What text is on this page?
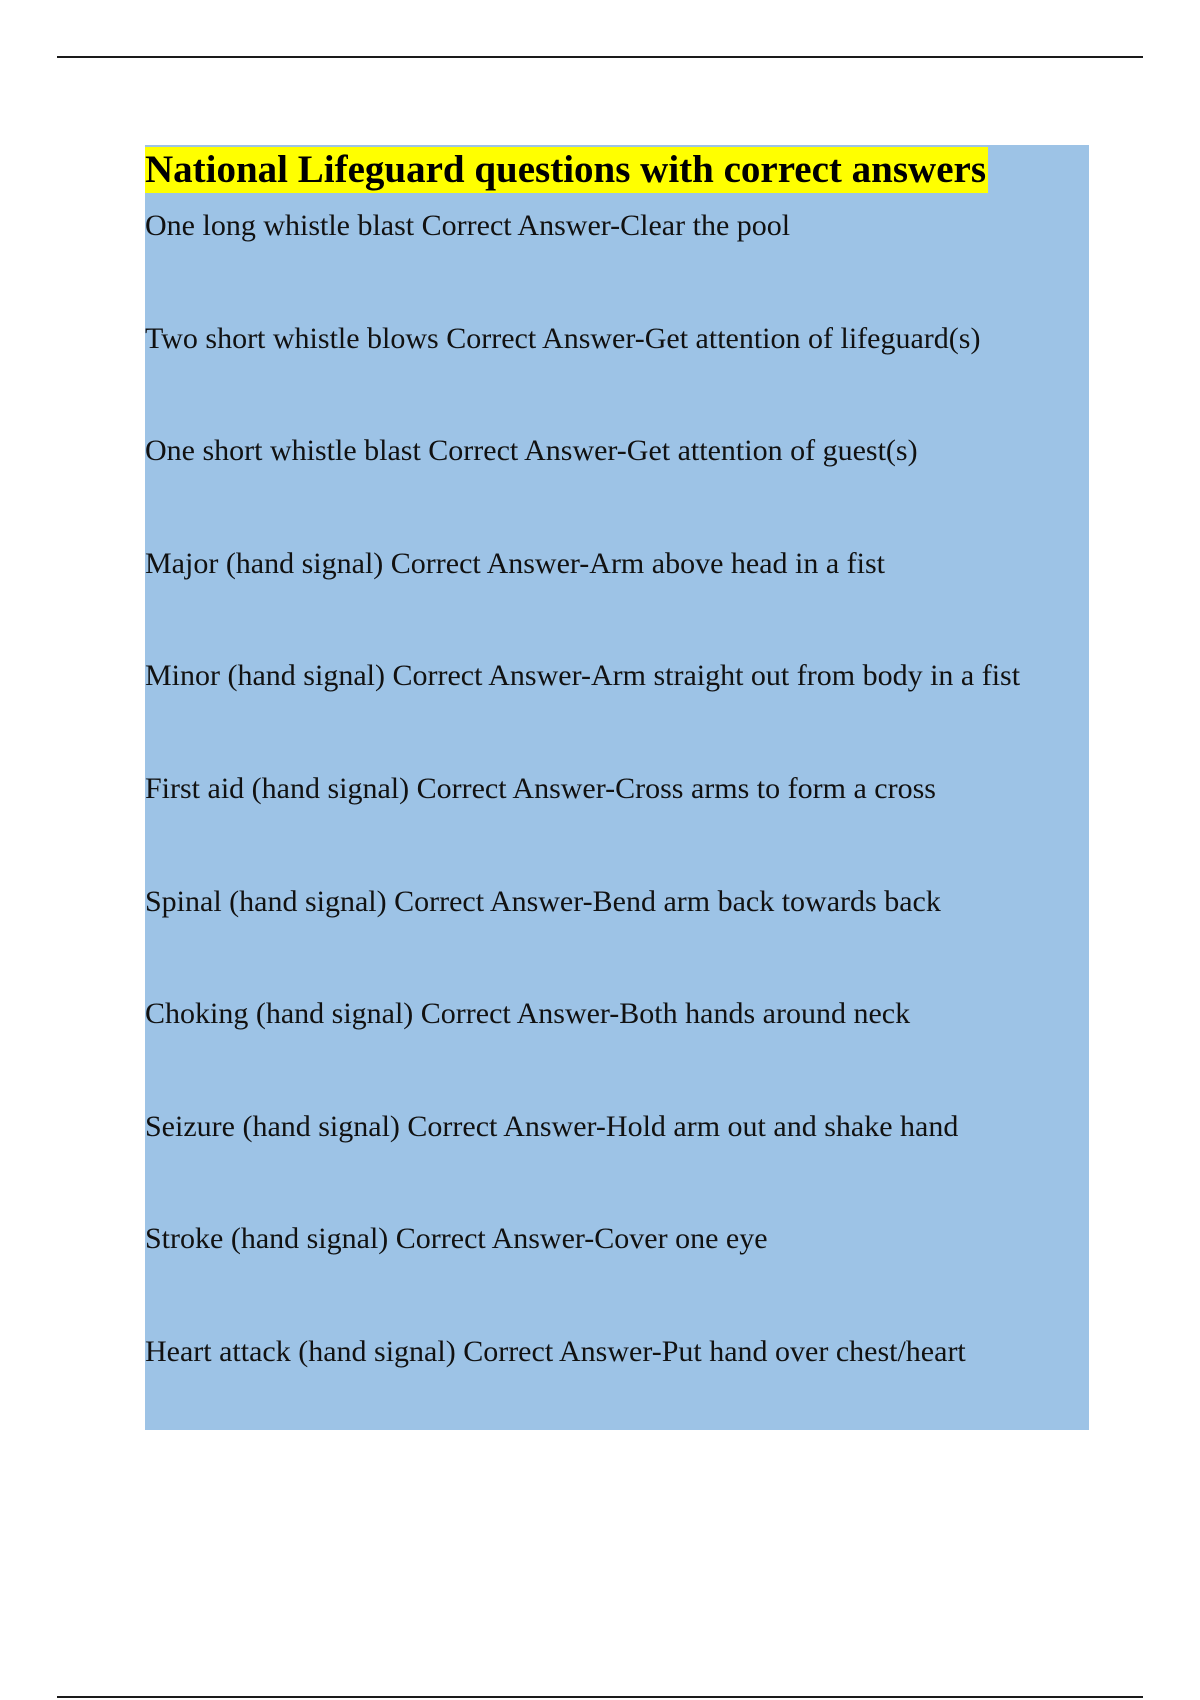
National Lifeguard questions with correct answers
One long whistle blast Correct Answer-Clear the pool
Two short whistle blows Correct Answer-Get attention of lifeguard(s)
One short whistle blast Correct Answer-Get attention of guest(s)
Major (hand signal) Correct Answer-Arm above head in a fist
Minor (hand signal) Correct Answer-Arm straight out from body in a fist
First aid (hand signal) Correct Answer-Cross arms to form a cross
Spinal (hand signal) Correct Answer-Bend arm back towards back
Choking (hand signal) Correct Answer-Both hands around neck
Seizure (hand signal) Correct Answer-Hold arm out and shake hand
Stroke (hand signal) Correct Answer-Cover one eye
Heart attack (hand signal) Correct Answer-Put hand over chest/heart
